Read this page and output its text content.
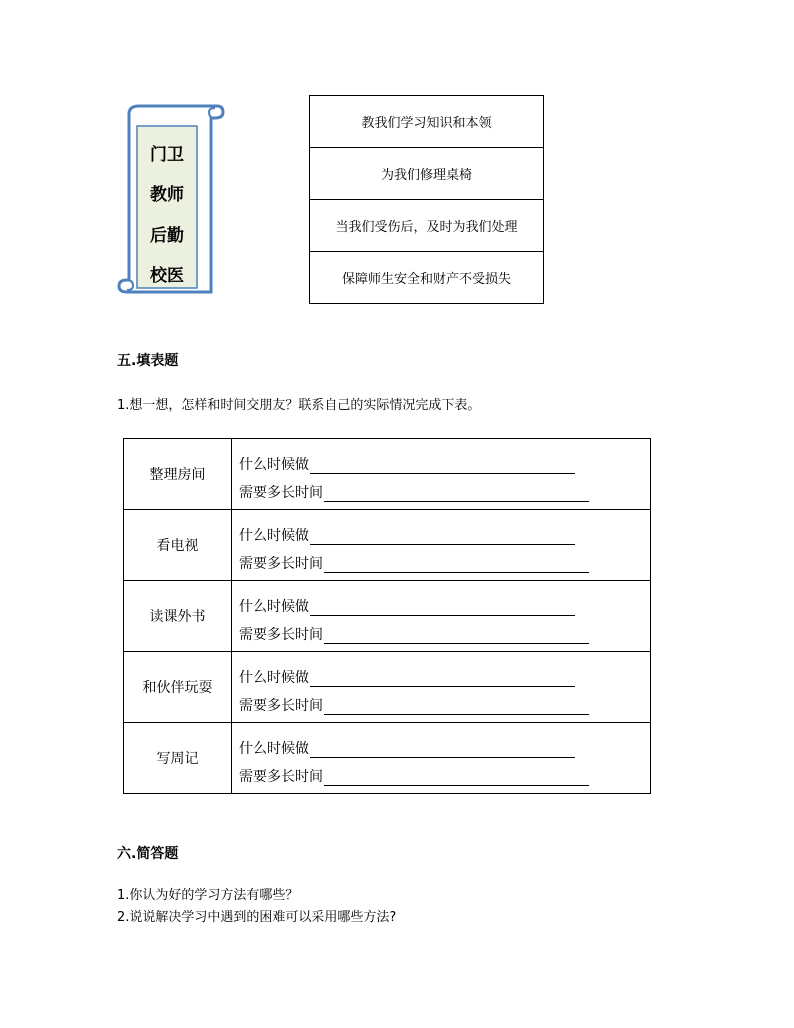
门卫
教师
后勤
校医
教我们学习知识和本领
为我们修理桌椅
当我们受伤后，及时为我们处理
保障师生安全和财产不受损失
五.填表题
1.想一想，怎样和时间交朋友？联系自己的实际情况完成下表。
整理房间	什么时候做
需要多长时间

看电视	什么时候做
需要多长时间

读课外书	什么时候做
需要多长时间

和伙伴玩耍	什么时候做
需要多长时间

写周记	什么时候做
需要多长时间
六.简答题
1.你认为好的学习方法有哪些？
2.说说解决学习中遇到的困难可以采用哪些方法?
